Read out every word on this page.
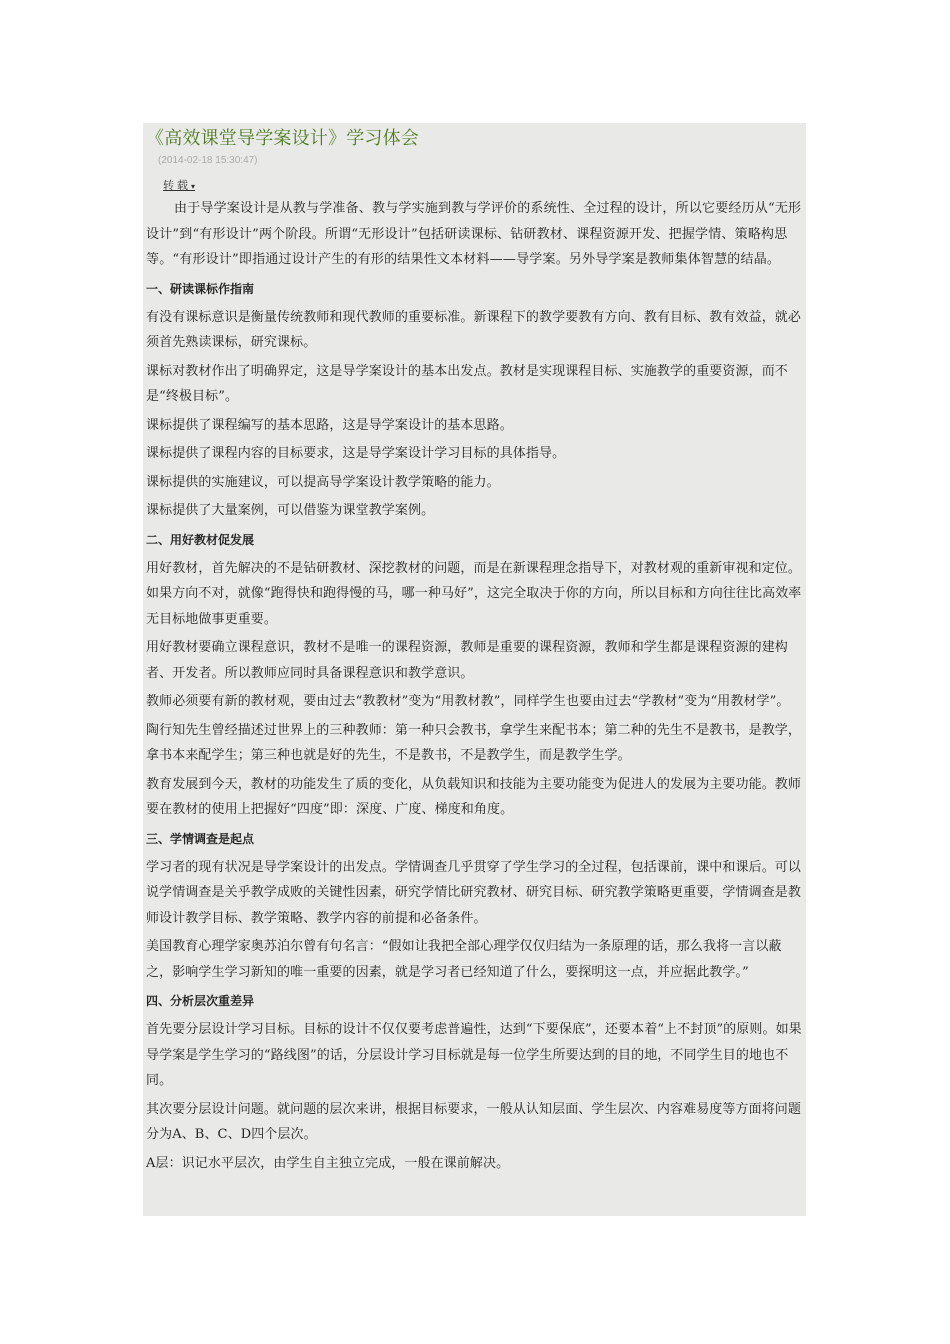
《高效课堂导学案设计》学习体会
(2014-02-18 15:30:47)
转载▾
由于导学案设计是从教与学准备、教与学实施到教与学评价的系统性、全过程的设计，所以它要经历从“无形设计”到“有形设计”两个阶段。所谓“无形设计”包括研读课标、钻研教材、课程资源开发、把握学情、策略构思等。“有形设计”即指通过设计产生的有形的结果性文本材料——导学案。另外导学案是教师集体智慧的结晶。
一、研读课标作指南
有没有课标意识是衡量传统教师和现代教师的重要标准。新课程下的教学要教有方向、教有目标、教有效益，就必须首先熟读课标，研究课标。
课标对教材作出了明确界定，这是导学案设计的基本出发点。教材是实现课程目标、实施教学的重要资源，而不是“终极目标”。
课标提供了课程编写的基本思路，这是导学案设计的基本思路。
课标提供了课程内容的目标要求，这是导学案设计学习目标的具体指导。
课标提供的实施建议，可以提高导学案设计教学策略的能力。
课标提供了大量案例，可以借鉴为课堂教学案例。
二、用好教材促发展
用好教材，首先解决的不是钻研教材、深挖教材的问题，而是在新课程理念指导下，对教材观的重新审视和定位。如果方向不对，就像“跑得快和跑得慢的马，哪一种马好”，这完全取决于你的方向，所以目标和方向往往比高效率无目标地做事更重要。
用好教材要确立课程意识，教材不是唯一的课程资源，教师是重要的课程资源，教师和学生都是课程资源的建构者、开发者。所以教师应同时具备课程意识和教学意识。
教师必须要有新的教材观，要由过去“教教材”变为“用教材教”，同样学生也要由过去“学教材”变为“用教材学”。
陶行知先生曾经描述过世界上的三种教师：第一种只会教书，拿学生来配书本；第二种的先生不是教书，是教学，拿书本来配学生；第三种也就是好的先生，不是教书，不是教学生，而是教学生学。
教育发展到今天，教材的功能发生了质的变化，从负载知识和技能为主要功能变为促进人的发展为主要功能。教师要在教材的使用上把握好“四度”即：深度、广度、梯度和角度。
三、学情调查是起点
学习者的现有状况是导学案设计的出发点。学情调查几乎贯穿了学生学习的全过程，包括课前，课中和课后。可以说学情调查是关乎教学成败的关键性因素，研究学情比研究教材、研究目标、研究教学策略更重要，学情调查是教师设计教学目标、教学策略、教学内容的前提和必备条件。
美国教育心理学家奥苏泊尔曾有句名言：“假如让我把全部心理学仅仅归结为一条原理的话，那么我将一言以蔽之，影响学生学习新知的唯一重要的因素，就是学习者已经知道了什么，要探明这一点，并应据此教学。”
四、分析层次重差异
首先要分层设计学习目标。目标的设计不仅仅要考虑普遍性，达到“下要保底”，还要本着“上不封顶”的原则。如果导学案是学生学习的“路线图”的话，分层设计学习目标就是每一位学生所要达到的目的地，不同学生目的地也不同。
其次要分层设计问题。就问题的层次来讲，根据目标要求，一般从认知层面、学生层次、内容难易度等方面将问题分为A、B、C、D四个层次。
A层：识记水平层次，由学生自主独立完成，一般在课前解决。
